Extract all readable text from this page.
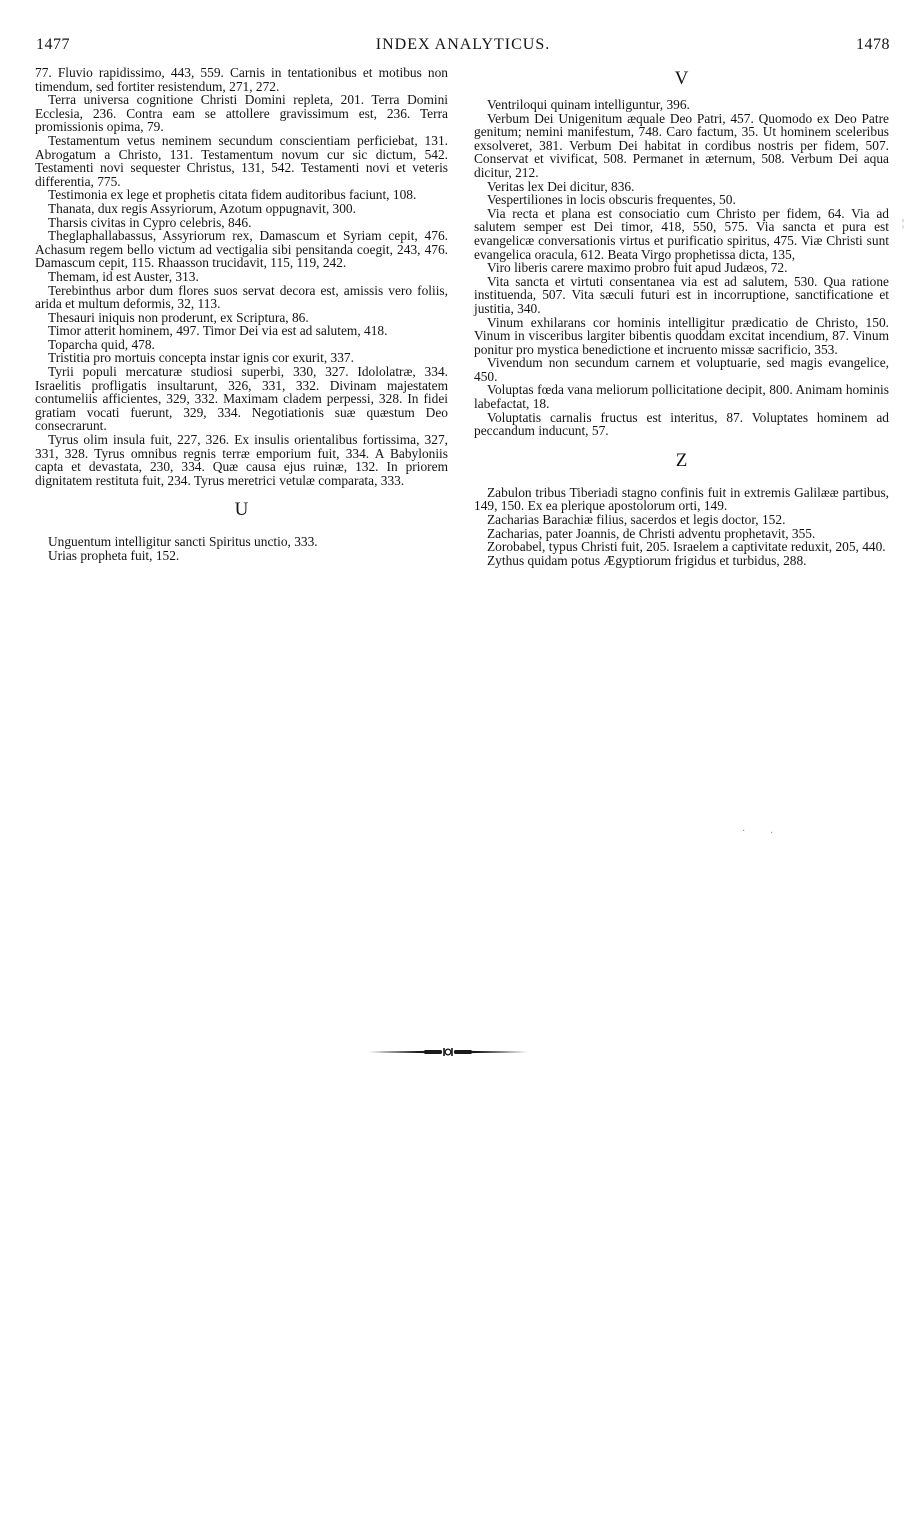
1477	INDEX ANALYTICUS.	1478

77. Fluvio rapidissimo, 443, 559. Carnis in tentationibus et motibus non timendum, sed fortiter resistendum, 271, 272.

Terra universa cognitione Christi Domini repleta, 201. Terra Domini Ecclesia, 236. Contra eam se attollere gravissimum est, 236. Terra promissionis opima, 79.

Testamentum vetus neminem secundum conscientiam perficiebat, 131. Abrogatum a Christo, 131. Testamentum novum cur sic dictum, 542. Testamenti novi sequester Christus, 131, 542. Testamenti novi et veteris differentia, 775.

Testimonia ex lege et prophetis citata fidem auditoribus faciunt, 108.

Thanata, dux regis Assyriorum, Azotum oppugnavit, 300.

Tharsis civitas in Cypro celebris, 846.

Theglaphallabassus, Assyriorum rex, Damascum et Syriam cepit, 476. Achasum regem bello victum ad vectigalia sibi pensitanda coegit, 243, 476. Damascum cepit, 115. Rhaasson trucidavit, 115, 119, 242.

Themam, id est Auster, 313.

Terebinthus arbor dum flores suos servat decora est, amissis vero foliis, arida et multum deformis, 32, 113.

Thesauri iniquis non proderunt, ex Scriptura, 86.

Timor atterit hominem, 497. Timor Dei via est ad salutem, 418.

Toparcha quid, 478.

Tristitia pro mortuis concepta instar ignis cor exurit, 337.

Tyrii populi mercaturæ studiosi superbi, 330, 327. Idololatræ, 334. Israelitis profligatis insultarunt, 326, 331, 332. Divinam majestatem contumeliis afficientes, 329, 332. Maximam cladem perpessi, 328. In fidei gratiam vocati fuerunt, 329, 334. Negotiationis suæ quæstum Deo consecrarunt.

Tyrus olim insula fuit, 227, 326. Ex insulis orientalibus fortissima, 327, 331, 328. Tyrus omnibus regnis terræ emporium fuit, 334. A Babyloniis capta et devastata, 230, 334. Quæ causa ejus ruinæ, 132. In priorem dignitatem restituta fuit, 234. Tyrus meretrici vetulæ comparata, 333.

U

Unguentum intelligitur sancti Spiritus unctio, 333.

Urias propheta fuit, 152.

V

Ventriloqui quinam intelliguntur, 396.

Verbum Dei Unigenitum æquale Deo Patri, 457. Quomodo ex Deo Patre genitum; nemini manifestum, 748. Caro factum, 35. Ut hominem sceleribus exsolveret, 381. Verbum Dei habitat in cordibus nostris per fidem, 507. Conservat et vivificat, 508. Permanet in æternum, 508. Verbum Dei aqua dicitur, 212.

Veritas lex Dei dicitur, 836.

Vespertiliones in locis obscuris frequentes, 50.

Via recta et plana est consociatio cum Christo per fidem, 64. Via ad salutem semper est Dei timor, 418, 550, 575. Via sancta et pura est evangelicæ conversationis virtus et purificatio spiritus, 475. Viæ Christi sunt evangelica oracula, 612. Beata Virgo prophetissa dicta, 135,

Viro liberis carere maximo probro fuit apud Judæos, 72.

Vita sancta et virtuti consentanea via est ad salutem, 530. Qua ratione instituenda, 507. Vita sæculi futuri est in incorruptione, sanctificatione et justitia, 340.

Vinum exhilarans cor hominis intelligitur prædicatio de Christo, 150. Vinum in visceribus largiter bibentis quoddam excitat incendium, 87. Vinum ponitur pro mystica benedictione et incruento missæ sacrificio, 353.

Vivendum non secundum carnem et voluptuarie, sed magis evangelice, 450.

Voluptas fœda vana meliorum pollicitatione decipit, 800. Animam hominis labefactat, 18.

Voluptatis carnalis fructus est interitus, 87. Voluptates hominem ad peccandum inducunt, 57.

Z

Zabulon tribus Tiberiadi stagno confinis fuit in extremis Galilææ partibus, 149, 150. Ex ea plerique apostolorum orti, 149.

Zacharias Barachiæ filius, sacerdos et legis doctor, 152.

Zacharias, pater Joannis, de Christi adventu prophetavit, 355.

Zorobabel, typus Christi fuit, 205. Israelem a captivitate reduxit, 205, 440.

Zythus quidam potus Ægyptiorum frigidus et turbidus, 288.

· ·
¦
